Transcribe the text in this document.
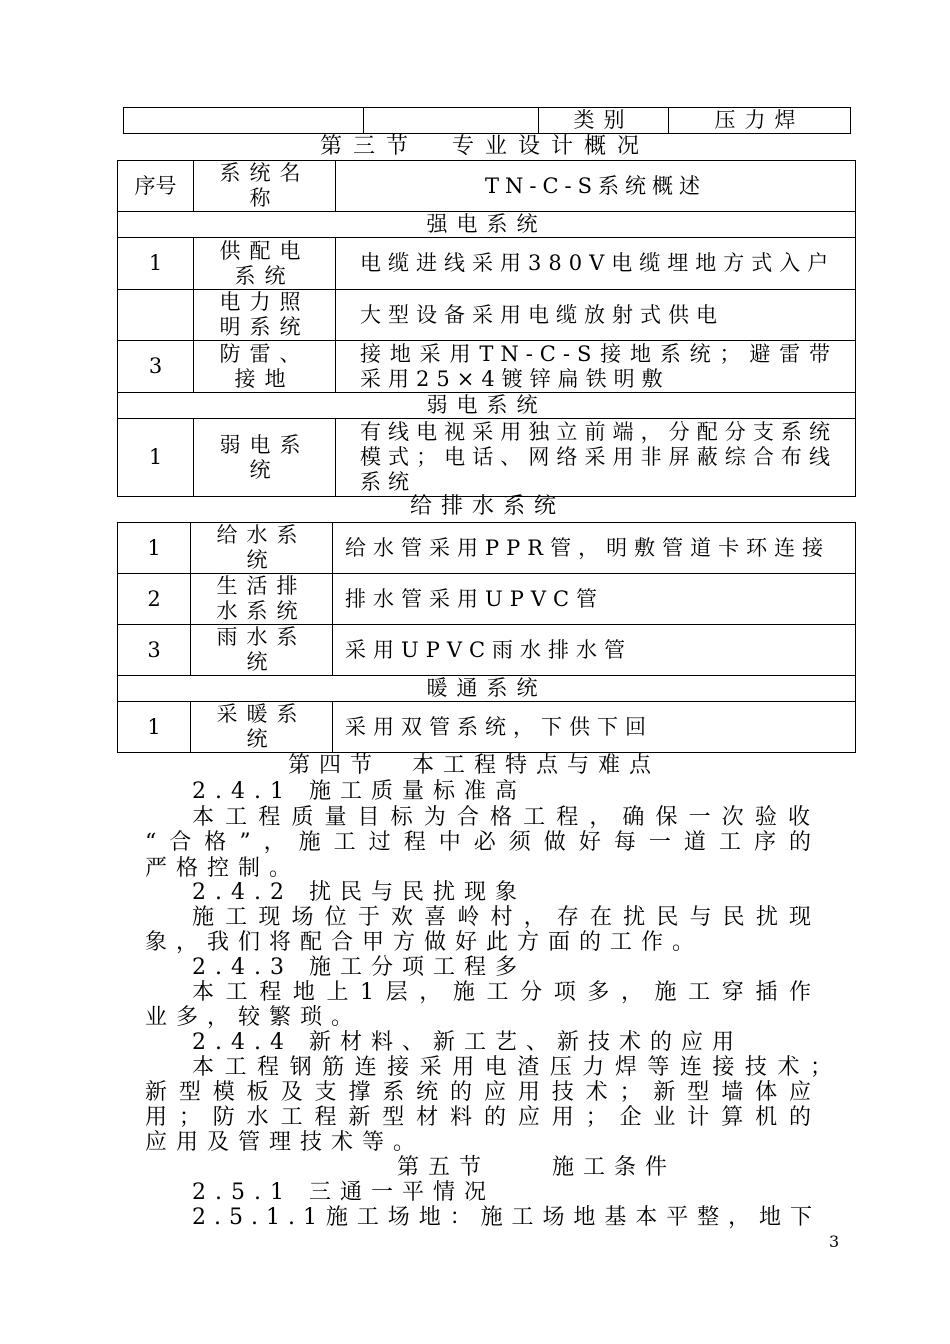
		类别	压力焊
第三节　专业设计概况
序号	系统名称	TN-C-S系统概述
强电系统		
1	供配电系统	电缆进线采用380V电缆埋地方式入户
	电力照明系统	大型设备采用电缆放射式供电
3	防雷、接地	接地采用TN-C-S接地系统；避雷带采用25×4镀锌扁铁明敷
弱电系统		
1	弱电系统	有线电视采用独立前端，分配分支系统模式；电话、网络采用非屏蔽综合布线系统
给排水系统
1	给水系统	给水管采用PPR管，明敷管道卡环连接
2	生活排水系统	排水管采用UPVC管
3	雨水系统	采用UPVC雨水排水管
暖通系统		
1	采暖系统	采用双管系统，下供下回
第四节　本工程特点与难点
2.4.1 施工质量标准高
本工程质量目标为合格工程，确保一次验收
“合格”，施工过程中必须做好每一道工序的
严格控制。
2.4.2 扰民与民扰现象
施工现场位于欢喜岭村，存在扰民与民扰现
象，我们将配合甲方做好此方面的工作。
2.4.3 施工分项工程多
本工程地上1层，施工分项多，施工穿插作
业多，较繁琐。
2.4.4 新材料、新工艺、新技术的应用
本工程钢筋连接采用电渣压力焊等连接技术；
新型模板及支撑系统的应用技术；新型墙体应
用；防水工程新型材料的应用；企业计算机的
应用及管理技术等。
第五节　　施工条件
2.5.1 三通一平情况
2.5.1.1施工场地：施工场地基本平整，地下
3
